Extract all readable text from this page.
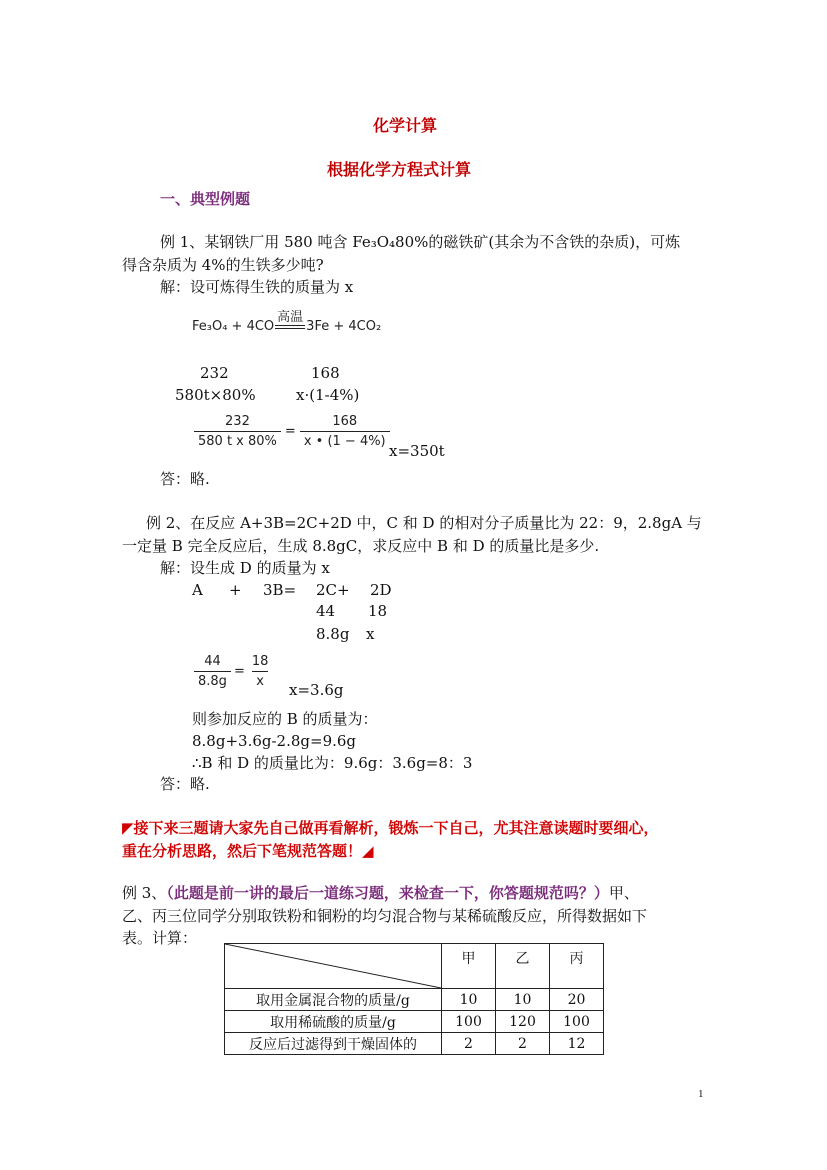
化学计算
根据化学方程式计算
一、典型例题
例 1、某钢铁厂用 580 吨含 Fe₃O₄80%的磁铁矿(其余为不含铁的杂质)，可炼
得含杂质为 4%的生铁多少吨?
解：设可炼得生铁的质量为 x
Fe₃O₄ + 4CO
高温
3Fe + 4CO₂
232	168
580t×80%	x·(1-4%)
$\frac{232}{\text{580 t x 80\%}} = \frac{168}{x • (1 - 4\%)}$
x=350t
答：略.
例 2、在反应 A+3B=2C+2D 中，C 和 D 的相对分子质量比为 22：9，2.8gA 与
一定量 B 完全反应后，生成 8.8gC，求反应中 B 和 D 的质量比是多少.
解：设生成 D 的质量为 x
A + 3B= 2C+ 2D
44 18
8.8g x
$\frac{44}{8.8g} = \frac{18}{x}$
x=3.6g
则参加反应的 B 的质量为：
8.8g+3.6g-2.8g=9.6g
∴B 和 D 的质量比为：9.6g：3.6g=8：3
答：略.
◤接下来三题请大家先自己做再看解析，锻炼一下自己，尤其注意读题时要细心，
重在分析思路，然后下笔规范答题！◢
例 3、（此题是前一讲的最后一道练习题，来检查一下，你答题规范吗？）甲、
乙、丙三位同学分别取铁粉和铜粉的均匀混合物与某稀硫酸反应，所得数据如下
表。计算：
	甲	乙	丙
取用金属混合物的质量/g	10	10	20
取用稀硫酸的质量/g	100	120	100
反应后过滤得到干燥固体的	2	2	12
1
